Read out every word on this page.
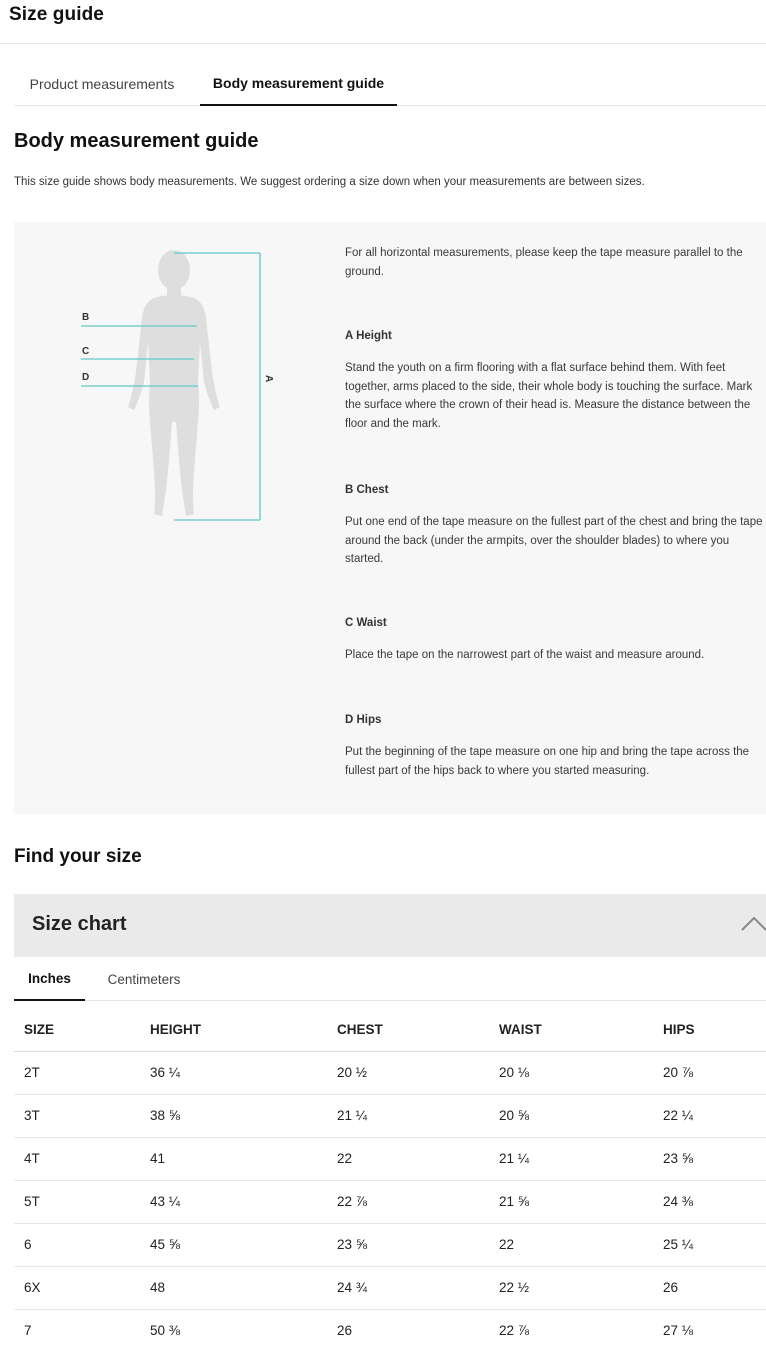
Size guide
Product measurements	Body measurement guide
Body measurement guide

This size guide shows body measurements. We suggest ordering a size down when your measurements are between sizes.

B
C
D	A

For all horizontal measurements, please keep the tape measure parallel to the ground.

A Height

Stand the youth on a firm flooring with a flat surface behind them. With feet together, arms placed to the side, their whole body is touching the surface. Mark the surface where the crown of their head is. Measure the distance between the floor and the mark.

B Chest

Put one end of the tape measure on the fullest part of the chest and bring the tape around the back (under the armpits, over the shoulder blades) to where you started.

C Waist

Place the tape on the narrowest part of the waist and measure around.

D Hips

Put the beginning of the tape measure on one hip and bring the tape across the fullest part of the hips back to where you started measuring.

Find your size
Size chart
Inches	Centimeters
SIZE	HEIGHT	CHEST	WAIST	HIPS
2T	36 ¼	20 ½	20 ⅛	20 ⅞
3T	38 ⅝	21 ¼	20 ⅝	22 ¼
4T	41	22	21 ¼	23 ⅝
5T	43 ¼	22 ⅞	21 ⅝	24 ⅜
6	45 ⅝	23 ⅝	22	25 ¼
6X	48	24 ¾	22 ½	26
7	50 ⅜	26	22 ⅞	27 ⅛
